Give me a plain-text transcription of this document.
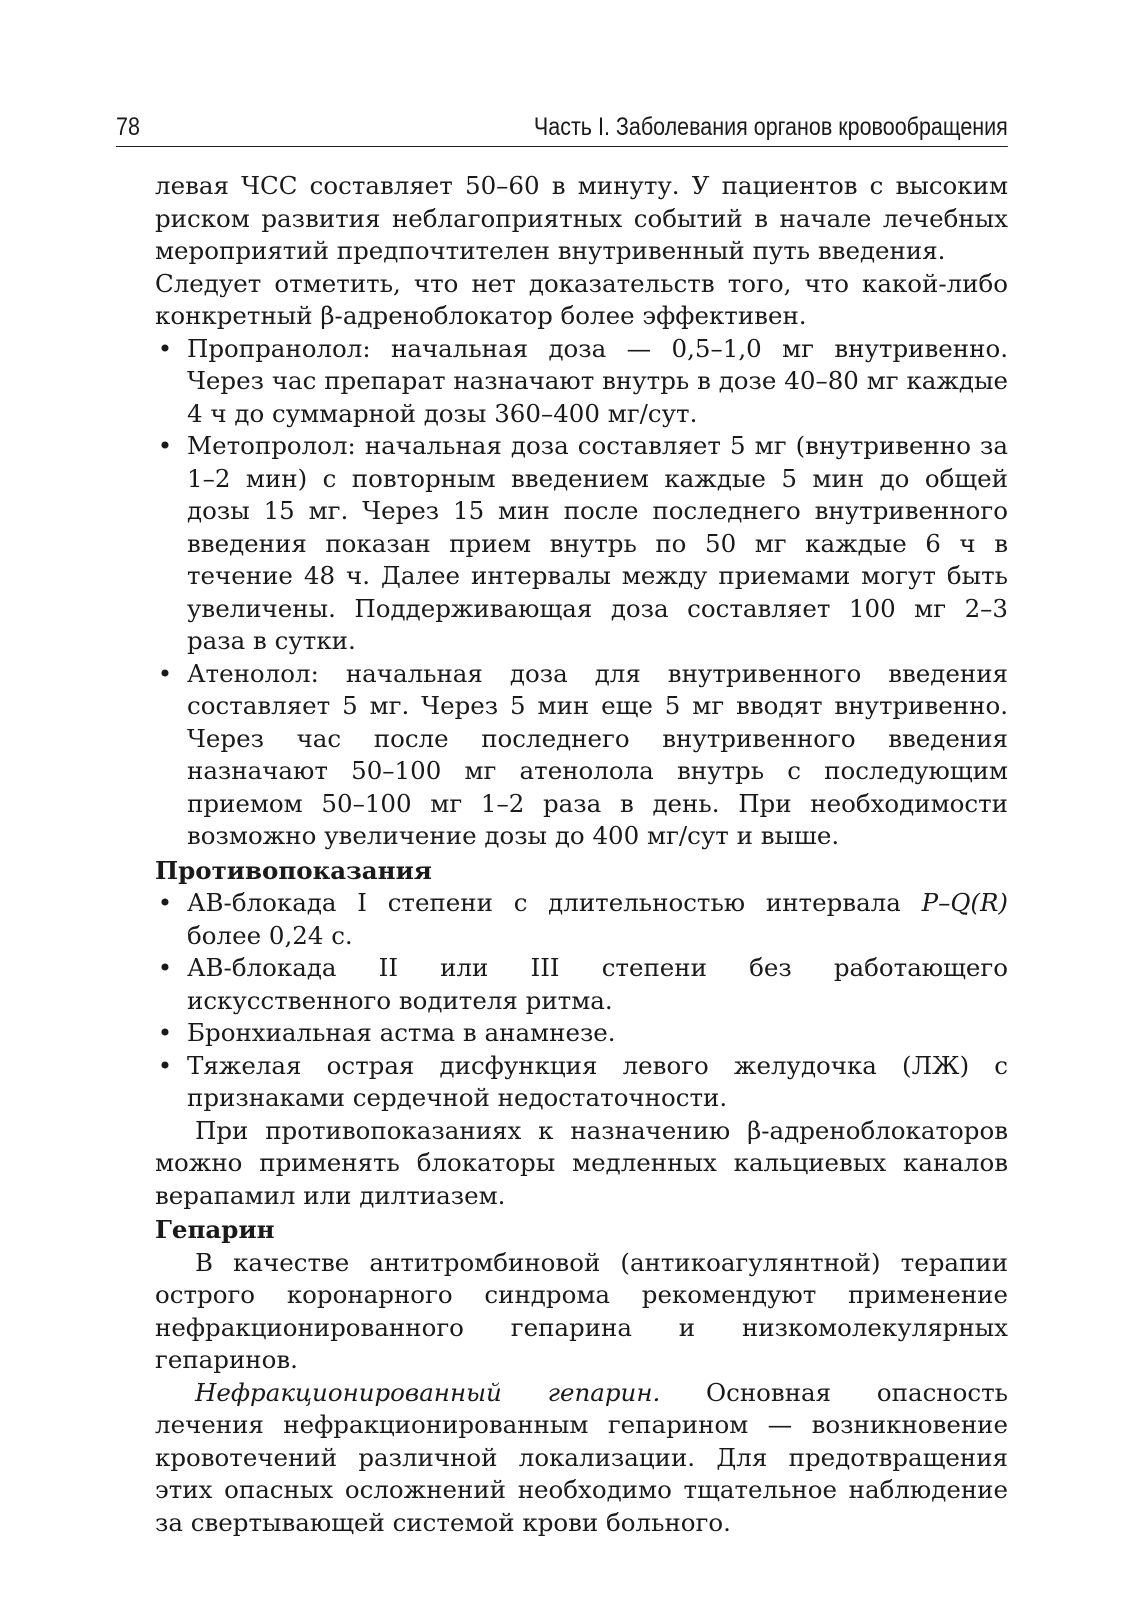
78	Часть I. Заболевания органов кровообращения

левая ЧСС составляет 50–60 в минуту. У пациентов с высоким риском развития неблагоприятных событий в начале лечебных мероприятий предпочтителен внутривенный путь введения.

Следует отметить, что нет доказательств того, что какой-либо конкретный β-адреноблокатор более эффективен.

• Пропранолол: начальная доза — 0,5–1,0 мг внутривенно. Через час препарат назначают внутрь в дозе 40–80 мг каждые 4 ч до суммарной дозы 360–400 мг/сут.
• Метопролол: начальная доза составляет 5 мг (внутривенно за 1–2 мин) с повторным введением каждые 5 мин до общей дозы 15 мг. Через 15 мин после последнего внутривенного введения показан прием внутрь по 50 мг каждые 6 ч в течение 48 ч. Далее интервалы между приемами могут быть увеличены. Поддерживающая доза составляет 100 мг 2–3 раза в сутки.
• Атенолол: начальная доза для внутривенного введения составляет 5 мг. Через 5 мин еще 5 мг вводят внутривенно. Через час после последнего внутривенного введения назначают 50–100 мг атенолола внутрь с последующим приемом 50–100 мг 1–2 раза в день. При необходимости возможно увеличение дозы до 400 мг/сут и выше.
Противопоказания
• АВ-блокада I степени с длительностью интервала P–Q(R) более 0,24 с.
• АВ-блокада II или III степени без работающего искусственного водителя ритма.
• Бронхиальная астма в анамнезе.
• Тяжелая острая дисфункция левого желудочка (ЛЖ) с признаками сердечной недостаточности.

При противопоказаниях к назначению β-адреноблокаторов можно применять блокаторы медленных кальциевых каналов верапамил или дилтиазем.

Гепарин

В качестве антитромбиновой (антикоагулянтной) терапии острого коронарного синдрома рекомендуют применение нефракционированного гепарина и низкомолекулярных гепаринов.

Нефракционированный гепарин. Основная опасность лечения нефракционированным гепарином — возникновение кровотечений различной локализации. Для предотвращения этих опасных осложнений необходимо тщательное наблюдение за свертывающей системой крови больного.
